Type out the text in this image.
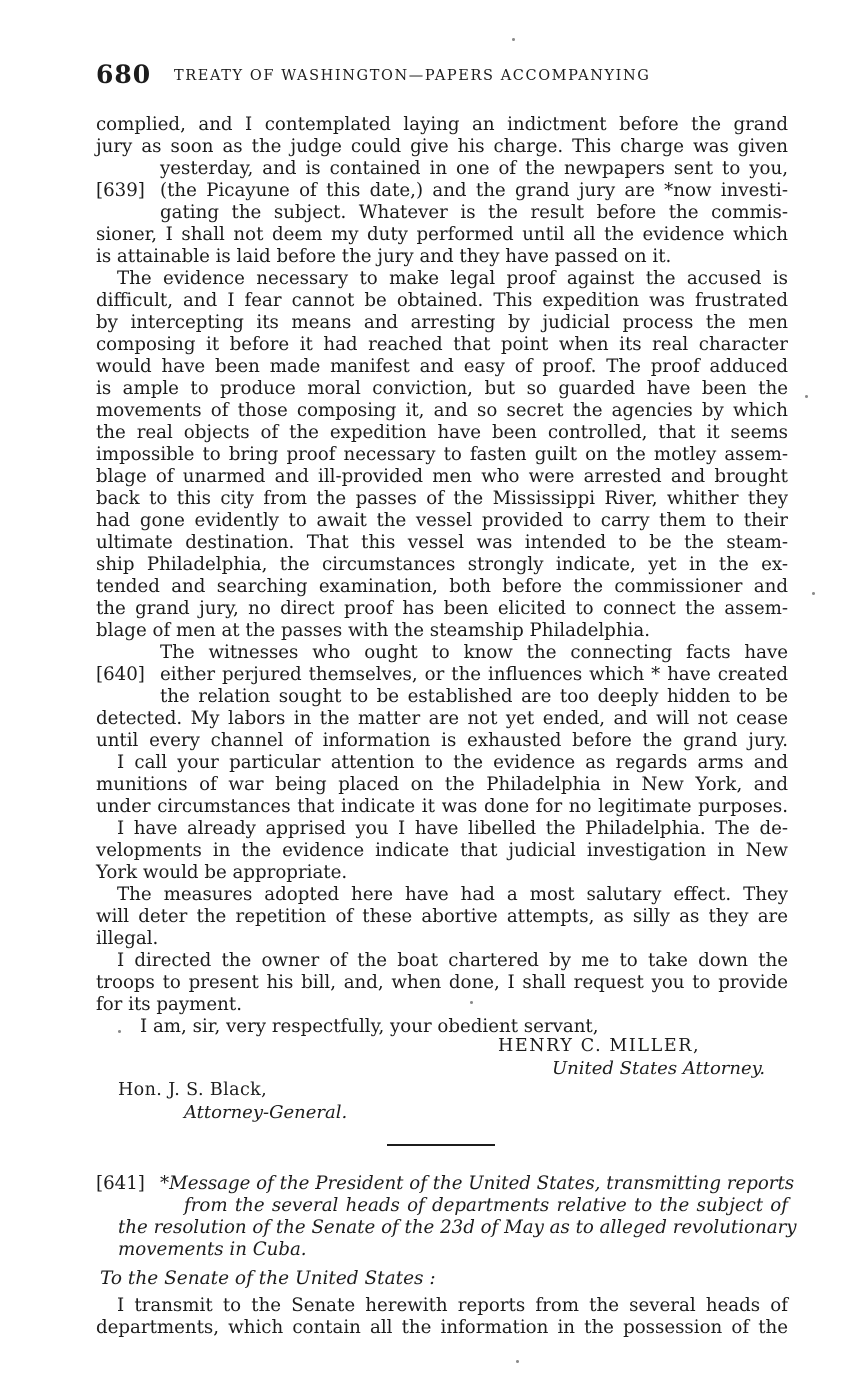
680 TREATY OF WASHINGTON—PAPERS ACCOMPANYING
complied, and I contemplated laying an indictment before the grand
jury as soon as the judge could give his charge. This charge was given
yesterday, and is contained in one of the newpapers sent to you,
[639] (the Picayune of this date,) and the grand jury are *now investi-
gating the subject. Whatever is the result before the commis-
sioner, I shall not deem my duty performed until all the evidence which
is attainable is laid before the jury and they have passed on it.
The evidence necessary to make legal proof against the accused is
difficult, and I fear cannot be obtained. This expedition was frustrated
by intercepting its means and arresting by judicial process the men
composing it before it had reached that point when its real character
would have been made manifest and easy of proof. The proof adduced
is ample to produce moral conviction, but so guarded have been the
movements of those composing it, and so secret the agencies by which
the real objects of the expedition have been controlled, that it seems
impossible to bring proof necessary to fasten guilt on the motley assem-
blage of unarmed and ill-provided men who were arrested and brought
back to this city from the passes of the Mississippi River, whither they
had gone evidently to await the vessel provided to carry them to their
ultimate destination. That this vessel was intended to be the steam-
ship Philadelphia, the circumstances strongly indicate, yet in the ex-
tended and searching examination, both before the commissioner and
the grand jury, no direct proof has been elicited to connect the assem-
blage of men at the passes with the steamship Philadelphia.
The witnesses who ought to know the connecting facts have
[640] either perjured themselves, or the influences which * have created
the relation sought to be established are too deeply hidden to be
detected. My labors in the matter are not yet ended, and will not cease
until every channel of information is exhausted before the grand jury.
I call your particular attention to the evidence as regards arms and
munitions of war being placed on the Philadelphia in New York, and
under circumstances that indicate it was done for no legitimate purposes.
I have already apprised you I have libelled the Philadelphia. The de-
velopments in the evidence indicate that judicial investigation in New
York would be appropriate.
The measures adopted here have had a most salutary effect. They
will deter the repetition of these abortive attempts, as silly as they are
illegal.
I directed the owner of the boat chartered by me to take down the
troops to present his bill, and, when done, I shall request you to provide
for its payment.
I am, sir, very respectfully, your obedient servant,
HENRY C. MILLER,
United States Attorney.
Hon. J. S. Black,
Attorney-General.
[641] *Message of the President of the United States, transmitting reports
from the several heads of departments relative to the subject of
the resolution of the Senate of the 23d of May as to alleged revolutionary
movements in Cuba.
To the Senate of the United States :
I transmit to the Senate herewith reports from the several heads of
departments, which contain all the information in the possession of the
